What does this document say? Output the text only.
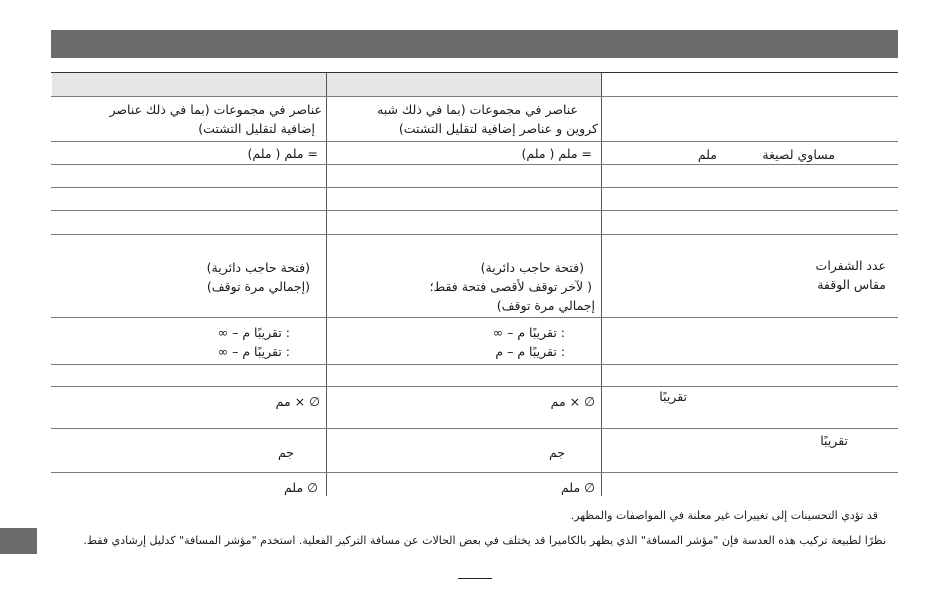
عناصر في مجموعات (بما في ذلك شبه
كروين و عناصر إضافية لتقليل التشتت)
عناصر في مجموعات (بما في ذلك عناصر
إضافية لتقليل التشتت)
مساوي لصيغة
ملم
= ملم ( ملم)
= ملم ( ملم)
عدد الشفرات
مقاس الوقفة
(فتحة حاجب دائرية)
( لآخر توقف لأقصى فتحة فقط؛
إجمالي مرة توقف)
(فتحة حاجب دائرية)
(إجمالي مرة توقف)
: تقريبًا م – ∞
: تقريبًا م – م
: تقريبًا م – ∞
: تقريبًا م – ∞
تقريبًا
∅ × مم
∅ × مم
تقريبًا
جم
جم
∅ ملم
∅ ملم
قد تؤدي التحسينات إلى تغييرات غير معلنة في المواصفات والمظهر.
نظرًا لطبيعة تركيب هذه العدسة فإن "مؤشر المسافة" الذي يظهر بالكاميرا قد يختلف في بعض الحالات عن مسافة التركيز الفعلية. استخدم "مؤشر المسافة" كدليل إرشادي فقط.
